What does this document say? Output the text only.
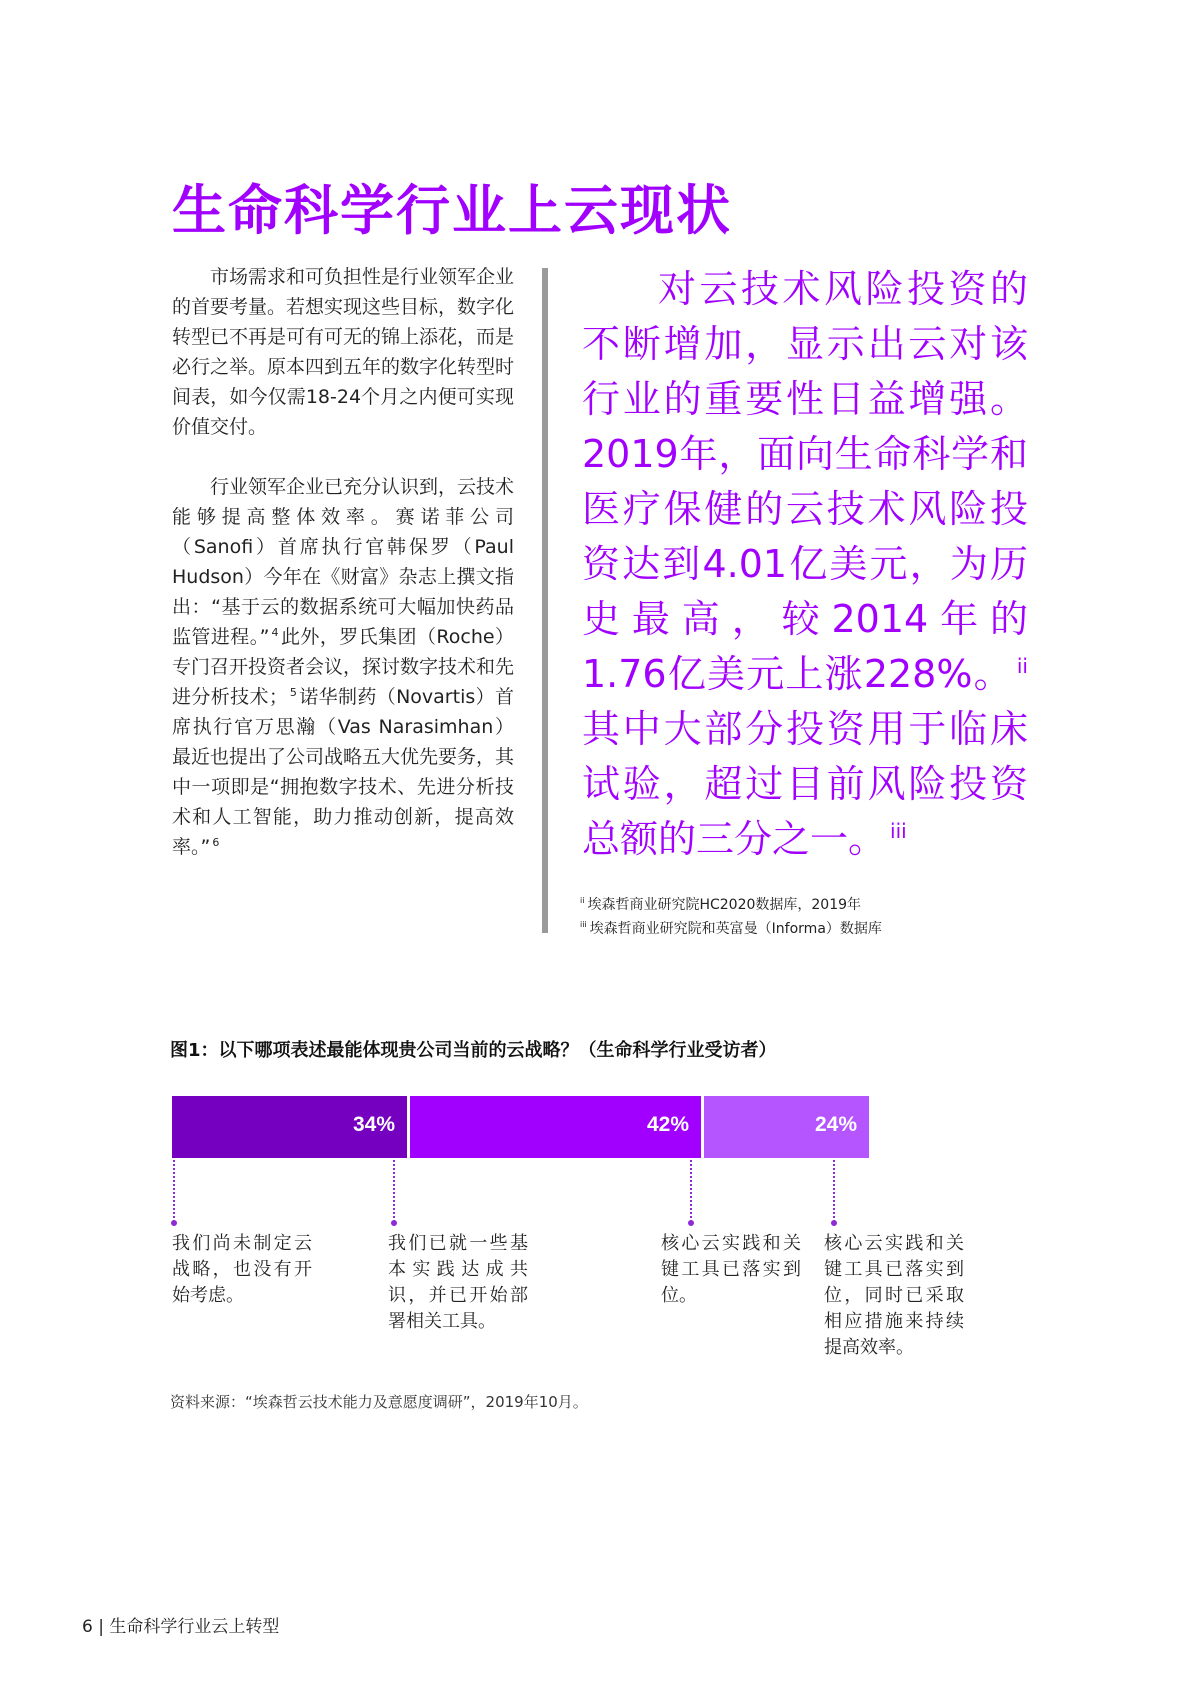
生命科学行业上云现状

市场需求和可负担性是行业领军企业的首要考量。若想实现这些目标，数字化转型已不再是可有可无的锦上添花，而是必行之举。原本四到五年的数字化转型时间表，如今仅需18-24个月之内便可实现价值交付。

行业领军企业已充分认识到，云技术能够提高整体效率。赛诺菲公司（Sanofi）首席执行官韩保罗（Paul Hudson）今年在《财富》杂志上撰文指出：“基于云的数据系统可大幅加快药品监管进程。” $^4$ 此外，罗氏集团（Roche）专门召开投资者会议，探讨数字技术和先进分析技术； $^5$ 诺华制药（Novartis）首席执行官万思瀚（Vas Narasimhan）最近也提出了公司战略五大优先要务，其中一项即是“拥抱数字技术、先进分析技术和人工智能，助力推动创新，提高效率。” $^6$

对云技术风险投资的不断增加，显示出云对该行业的重要性日益增强。2019年，面向生命科学和医疗保健的云技术风险投资达到4.01亿美元，为历史最高，较2014年的1.76亿美元上涨228%。 $^{ii}$其中大部分投资用于临床试验，超过目前风险投资总额的三分之一。 $^{iii}$

$^{ii}$ 埃森哲商业研究院HC2020数据库，2019年

$^{iii}$ 埃森哲商业研究院和英富曼（Informa）数据库

图1：以下哪项表述最能体现贵公司当前的云战略？（生命科学行业受访者）

我们尚未制定云战略，也没有开始考虑。
34%
我们已就一些基本实践达成共识，并已开始部署相关工具。
42%
核心云实践和关键工具已落实到位。
24%
核心云实践和关键工具已落实到位，同时已采取相应措施来持续提高效率。
资料来源：“埃森哲云技术能力及意愿度调研”，2019年10月。
6 | 生命科学行业云上转型
